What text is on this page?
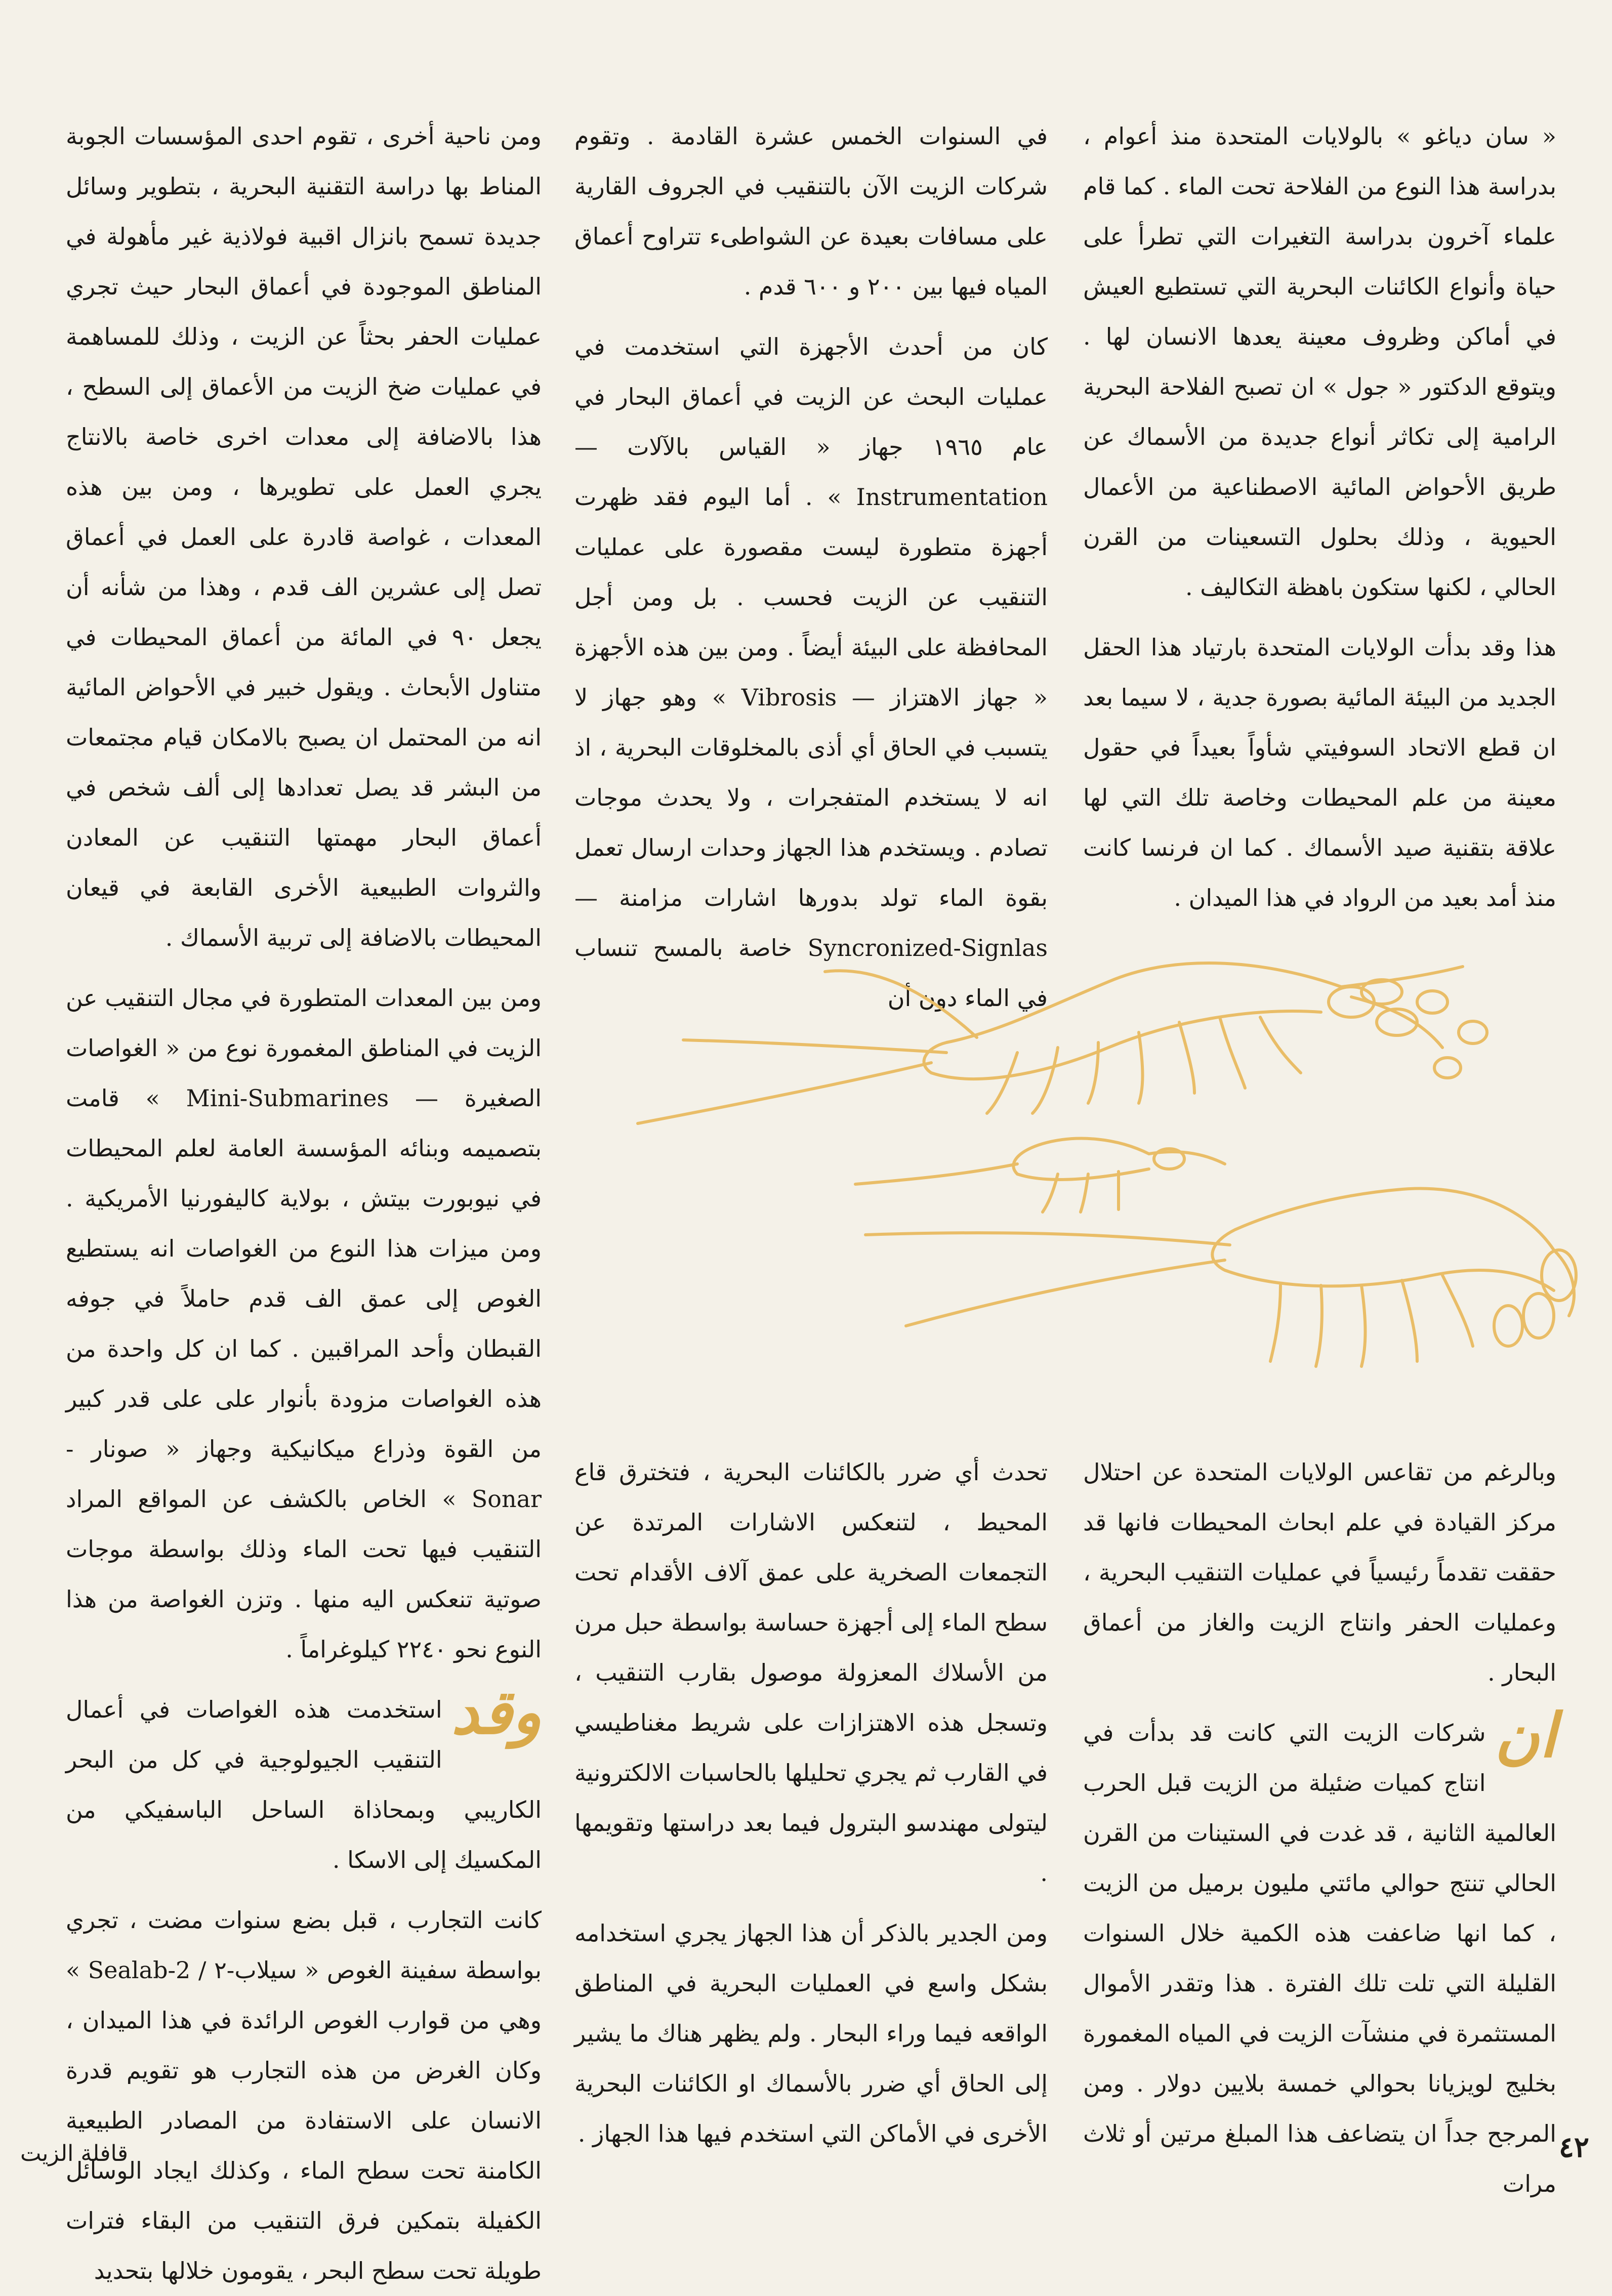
« سان دياغو » بالولايات المتحدة منذ أعوام ، بدراسة هذا النوع من الفلاحة تحت الماء . كما قام علماء آخرون بدراسة التغيرات التي تطرأ على حياة وأنواع الكائنات البحرية التي تستطيع العيش في أماكن وظروف معينة يعدها الانسان لها . ويتوقع الدكتور « جول » ان تصبح الفلاحة البحرية الرامية إلى تكاثر أنواع جديدة من الأسماك عن طريق الأحواض المائية الاصطناعية من الأعمال الحيوية ، وذلك بحلول التسعينات من القرن الحالي ، لكنها ستكون باهظة التكاليف .

هذا وقد بدأت الولايات المتحدة بارتياد هذا الحقل الجديد من البيئة المائية بصورة جدية ، لا سيما بعد ان قطع الاتحاد السوفيتي شأواً بعيداً في حقول معينة من علم المحيطات وخاصة تلك التي لها علاقة بتقنية صيد الأسماك . كما ان فرنسا كانت منذ أمد بعيد من الرواد في هذا الميدان .

في السنوات الخمس عشرة القادمة . وتقوم شركات الزيت الآن بالتنقيب في الجروف القارية على مسافات بعيدة عن الشواطىء تتراوح أعماق المياه فيها بين ٢٠٠ و ٦٠٠ قدم .

كان من أحدث الأجهزة التي استخدمت في عمليات البحث عن الزيت في أعماق البحار في عام ١٩٦٥ جهاز « القياس بالآلات — Instrumentation » . أما اليوم فقد ظهرت أجهزة متطورة ليست مقصورة على عمليات التنقيب عن الزيت فحسب . بل ومن أجل المحافظة على البيئة أيضاً . ومن بين هذه الأجهزة « جهاز الاهتزاز — Vibrosis » وهو جهاز لا يتسبب في الحاق أي أذى بالمخلوقات البحرية ، اذ انه لا يستخدم المتفجرات ، ولا يحدث موجات تصادم . ويستخدم هذا الجهاز وحدات ارسال تعمل بقوة الماء تولد بدورها اشارات مزامنة — Syncronized-Signlas خاصة بالمسح تنساب في الماء دون أن

ومن ناحية أخرى ، تقوم احدى المؤسسات الجوبة المناط بها دراسة التقنية البحرية ، بتطوير وسائل جديدة تسمح بانزال اقبية فولاذية غير مأهولة في المناطق الموجودة في أعماق البحار حيث تجري عمليات الحفر بحثاً عن الزيت ، وذلك للمساهمة في عمليات ضخ الزيت من الأعماق إلى السطح ، هذا بالاضافة إلى معدات اخرى خاصة بالانتاج يجري العمل على تطويرها ، ومن بين هذه المعدات ، غواصة قادرة على العمل في أعماق تصل إلى عشرين الف قدم ، وهذا من شأنه أن يجعل ٩٠ في المائة من أعماق المحيطات في متناول الأبحاث . ويقول خبير في الأحواض المائية انه من المحتمل ان يصبح بالامكان قيام مجتمعات من البشر قد يصل تعدادها إلى ألف شخص في أعماق البحار مهمتها التنقيب عن المعادن والثروات الطبيعية الأخرى القابعة في قيعان المحيطات بالاضافة إلى تربية الأسماك .

ومن بين المعدات المتطورة في مجال التنقيب عن الزيت في المناطق المغمورة نوع من « الغواصات الصغيرة — Mini-Submarines » قامت بتصميمه وبنائه المؤسسة العامة لعلم المحيطات في نيوبورت بيتش ، بولاية كاليفورنيا الأمريكية . ومن ميزات هذا النوع من الغواصات انه يستطيع الغوص إلى عمق الف قدم حاملاً في جوفه القبطان وأحد المراقبين . كما ان كل واحدة من هذه الغواصات مزودة بأنوار على على قدر كبير من القوة وذراع ميكانيكية وجهاز « صونار - Sonar » الخاص بالكشف عن المواقع المراد التنقيب فيها تحت الماء وذلك بواسطة موجات صوتية تنعكس اليه منها . وتزن الغواصة من هذا النوع نحو ٢٢٤٠ كيلوغراماً .

وقد
استخدمت هذه الغواصات في أعمال التنقيب الجيولوجية في كل من البحر الكاريبي وبمحاذاة الساحل الباسفيكي من المكسيك إلى الاسكا .

كانت التجارب ، قبل بضع سنوات مضت ، تجري بواسطة سفينة الغوص « سيلاب-٢ / Sealab-2 » وهي من قوارب الغوص الرائدة في هذا الميدان ، وكان الغرض من هذه التجارب هو تقويم قدرة الانسان على الاستفادة من المصادر الطبيعية الكامنة تحت سطح الماء ، وكذلك ايجاد الوسائل الكفيلة بتمكين فرق التنقيب من البقاء فترات طويلة تحت سطح البحر ، يقومون خلالها بتحديد

وبالرغم من تقاعس الولايات المتحدة عن احتلال مركز القيادة في علم ابحاث المحيطات فانها قد حققت تقدماً رئيسياً في عمليات التنقيب البحرية ، وعمليات الحفر وانتاج الزيت والغاز من أعماق البحار .

ان
شركات الزيت التي كانت قد بدأت في انتاج كميات ضئيلة من الزيت قبل الحرب العالمية الثانية ، قد غدت في الستينات من القرن الحالي تنتج حوالي مائتي مليون برميل من الزيت ، كما انها ضاعفت هذه الكمية خلال السنوات القليلة التي تلت تلك الفترة . هذا وتقدر الأموال المستثمرة في منشآت الزيت في المياه المغمورة بخليج لويزيانا بحوالي خمسة بلايين دولار . ومن المرجح جداً ان يتضاعف هذا المبلغ مرتين أو ثلاث مرات

تحدث أي ضرر بالكائنات البحرية ، فتخترق قاع المحيط ، لتنعكس الاشارات المرتدة عن التجمعات الصخرية على عمق آلاف الأقدام تحت سطح الماء إلى أجهزة حساسة بواسطة حبل مرن من الأسلاك المعزولة موصول بقارب التنقيب ، وتسجل هذه الاهتزازات على شريط مغناطيسي في القارب ثم يجري تحليلها بالحاسبات الالكترونية ليتولى مهندسو البترول فيما بعد دراستها وتقويمها .

ومن الجدير بالذكر أن هذا الجهاز يجري استخدامه بشكل واسع في العمليات البحرية في المناطق الواقعه فيما وراء البحار . ولم يظهر هناك ما يشير إلى الحاق أي ضرر بالأسماك او الكائنات البحرية الأخرى في الأماكن التي استخدم فيها هذا الجهاز .

قافلة الزيت	٤٢
